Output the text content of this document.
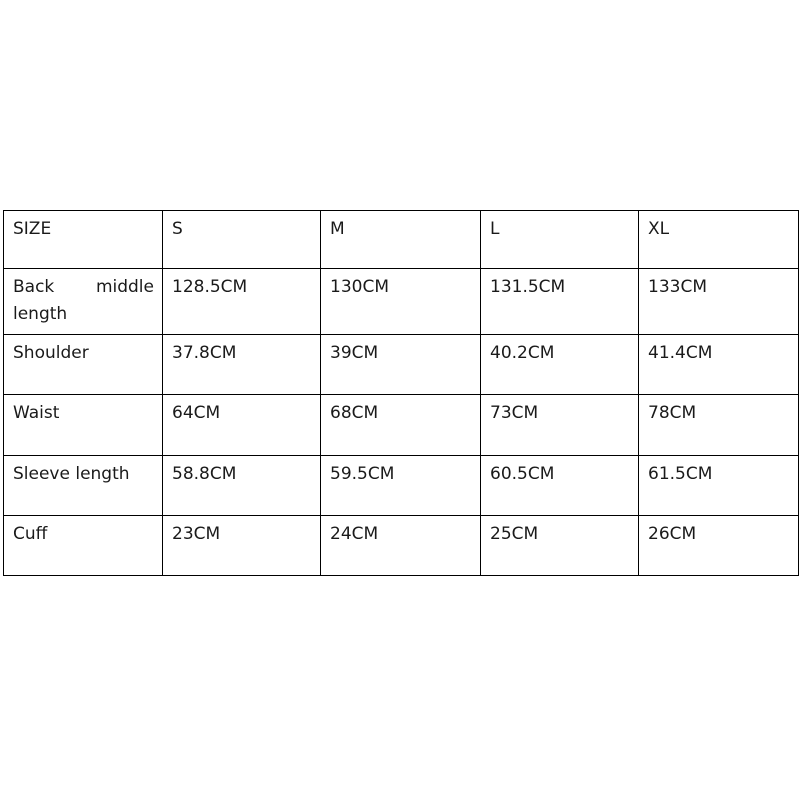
SIZE	S	M	L	XL
Back middle length	128.5CM	130CM	131.5CM	133CM
Shoulder	37.8CM	39CM	40.2CM	41.4CM
Waist	64CM	68CM	73CM	78CM
Sleeve length	58.8CM	59.5CM	60.5CM	61.5CM
Cuff	23CM	24CM	25CM	26CM
